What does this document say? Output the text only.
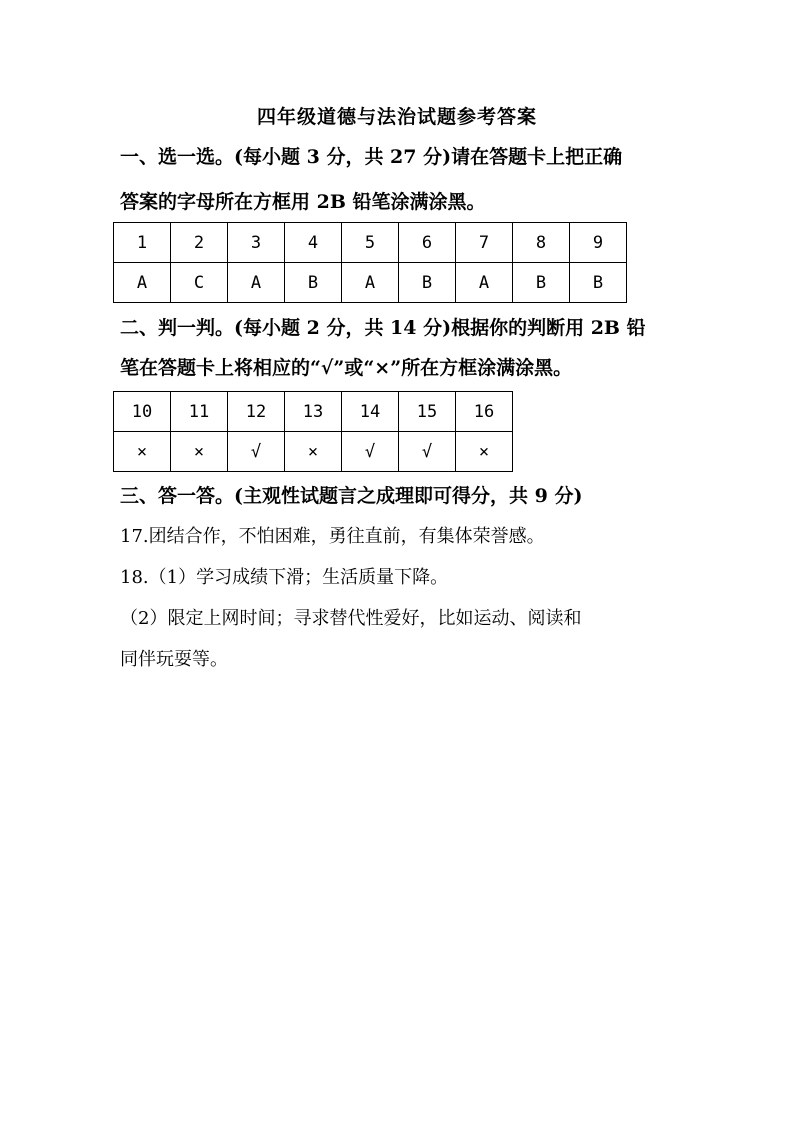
四年级道德与法治试题参考答案
一、选一选。(每小题 3 分，共 27 分)请在答题卡上把正确
答案的字母所在方框用 2B 铅笔涂满涂黑。
1	2	3	4	5	6	7	8	9
A	C	A	B	A	B	A	B	B
二、判一判。(每小题 2 分，共 14 分)根据你的判断用 2B 铅
笔在答题卡上将相应的“√”或“×”所在方框涂满涂黑。
10	11	12	13	14	15	16
×	×	√	×	√	√	×
三、答一答。(主观性试题言之成理即可得分，共 9 分)
17.团结合作，不怕困难，勇往直前，有集体荣誉感。
18.（1）学习成绩下滑；生活质量下降。
（2）限定上网时间；寻求替代性爱好，比如运动、阅读和
同伴玩耍等。
